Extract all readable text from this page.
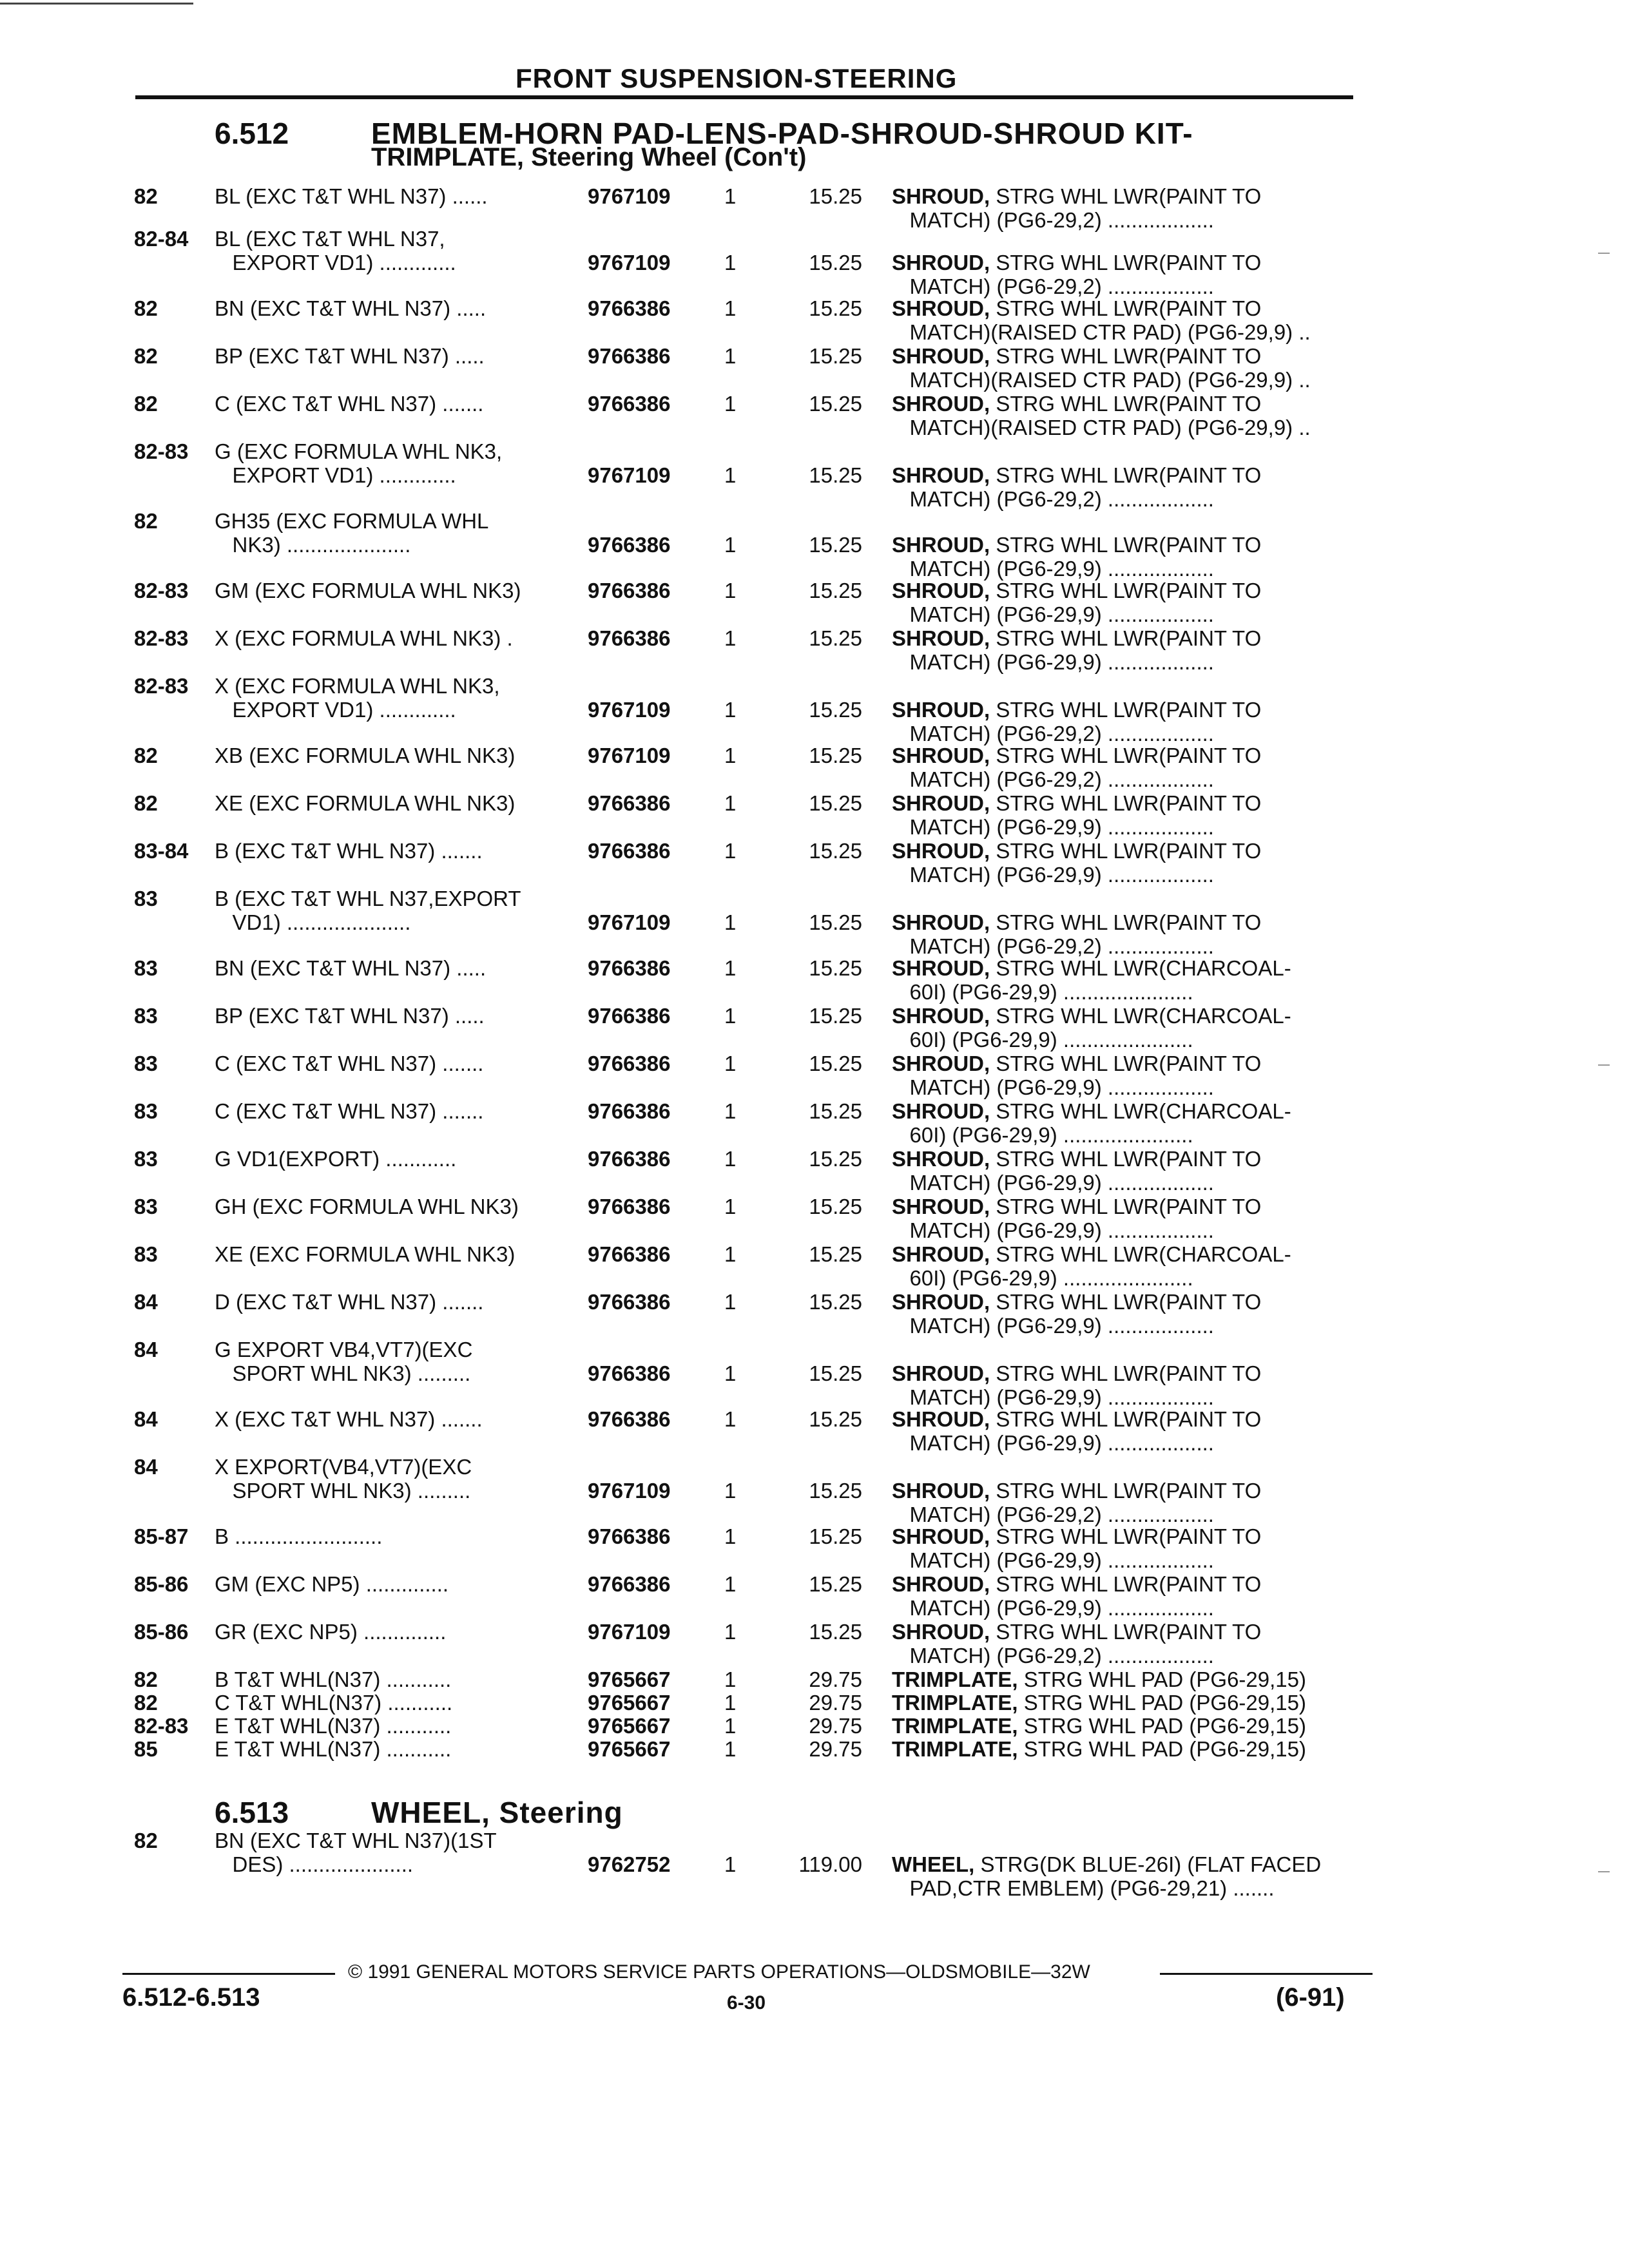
FRONT SUSPENSION-STEERING
6.512	EMBLEM-HORN PAD-LENS-PAD-SHROUD-SHROUD KIT-
TRIMPLATE, Steering Wheel (Con't)
82	BL (EXC T&T WHL N37) ......	9767109	1	15.25 SHROUD, STRG WHL LWR(PAINT TO
MATCH) (PG6-29,2) ..................
82-84 BL (EXC T&T WHL N37,
EXPORT VD1) .............	9767109	1	15.25 SHROUD, STRG WHL LWR(PAINT TO
MATCH) (PG6-29,2) ..................
82	BN (EXC T&T WHL N37) .....	9766386	1	15.25 SHROUD, STRG WHL LWR(PAINT TO
MATCH)(RAISED CTR PAD) (PG6-29,9) ..
82	BP (EXC T&T WHL N37) .....	9766386	1	15.25 SHROUD, STRG WHL LWR(PAINT TO
MATCH)(RAISED CTR PAD) (PG6-29,9) ..
82	C (EXC T&T WHL N37) .......	9766386	1	15.25 SHROUD, STRG WHL LWR(PAINT TO
MATCH)(RAISED CTR PAD) (PG6-29,9) ..
82-83 G (EXC FORMULA WHL NK3,
EXPORT VD1) .............	9767109	1	15.25 SHROUD, STRG WHL LWR(PAINT TO
MATCH) (PG6-29,2) ..................
82	GH35 (EXC FORMULA WHL
NK3) .....................	9766386	1	15.25 SHROUD, STRG WHL LWR(PAINT TO
MATCH) (PG6-29,9) ..................
82-83 GM (EXC FORMULA WHL NK3)	9766386	1	15.25 SHROUD, STRG WHL LWR(PAINT TO
MATCH) (PG6-29,9) ..................
82-83 X (EXC FORMULA WHL NK3) .	9766386	1	15.25 SHROUD, STRG WHL LWR(PAINT TO
MATCH) (PG6-29,9) ..................
82-83 X (EXC FORMULA WHL NK3,
EXPORT VD1) .............	9767109	1	15.25 SHROUD, STRG WHL LWR(PAINT TO
MATCH) (PG6-29,2) ..................
82	XB (EXC FORMULA WHL NK3)	9767109	1	15.25 SHROUD, STRG WHL LWR(PAINT TO
MATCH) (PG6-29,2) ..................
82	XE (EXC FORMULA WHL NK3)	9766386	1	15.25 SHROUD, STRG WHL LWR(PAINT TO
MATCH) (PG6-29,9) ..................
83-84 B (EXC T&T WHL N37) .......	9766386	1	15.25 SHROUD, STRG WHL LWR(PAINT TO
MATCH) (PG6-29,9) ..................
83	B (EXC T&T WHL N37,EXPORT
VD1) .....................	9767109	1	15.25 SHROUD, STRG WHL LWR(PAINT TO
MATCH) (PG6-29,2) ..................
83	BN (EXC T&T WHL N37) .....	9766386	1	15.25 SHROUD, STRG WHL LWR(CHARCOAL-
60I) (PG6-29,9) ......................
83	BP (EXC T&T WHL N37) .....	9766386	1	15.25 SHROUD, STRG WHL LWR(CHARCOAL-
60I) (PG6-29,9) ......................
83	C (EXC T&T WHL N37) .......	9766386	1	15.25 SHROUD, STRG WHL LWR(PAINT TO
MATCH) (PG6-29,9) ..................
83	C (EXC T&T WHL N37) .......	9766386	1	15.25 SHROUD, STRG WHL LWR(CHARCOAL-
60I) (PG6-29,9) ......................
83	G VD1(EXPORT) ............	9766386	1	15.25 SHROUD, STRG WHL LWR(PAINT TO
MATCH) (PG6-29,9) ..................
83	GH (EXC FORMULA WHL NK3)	9766386	1	15.25 SHROUD, STRG WHL LWR(PAINT TO
MATCH) (PG6-29,9) ..................
83	XE (EXC FORMULA WHL NK3)	9766386	1	15.25 SHROUD, STRG WHL LWR(CHARCOAL-
60I) (PG6-29,9) ......................
84	D (EXC T&T WHL N37) .......	9766386	1	15.25 SHROUD, STRG WHL LWR(PAINT TO
MATCH) (PG6-29,9) ..................
84	G EXPORT VB4,VT7)(EXC
SPORT WHL NK3) .........	9766386	1	15.25 SHROUD, STRG WHL LWR(PAINT TO
MATCH) (PG6-29,9) ..................
84	X (EXC T&T WHL N37) .......	9766386	1	15.25 SHROUD, STRG WHL LWR(PAINT TO
MATCH) (PG6-29,9) ..................
84	X EXPORT(VB4,VT7)(EXC
SPORT WHL NK3) .........	9767109	1	15.25 SHROUD, STRG WHL LWR(PAINT TO
MATCH) (PG6-29,2) ..................
85-87 B .........................	9766386	1	15.25 SHROUD, STRG WHL LWR(PAINT TO
MATCH) (PG6-29,9) ..................
85-86 GM (EXC NP5) ..............	9766386	1	15.25 SHROUD, STRG WHL LWR(PAINT TO
MATCH) (PG6-29,9) ..................
85-86 GR (EXC NP5) ..............	9767109	1	15.25 SHROUD, STRG WHL LWR(PAINT TO
MATCH) (PG6-29,2) ..................
82	B T&T WHL(N37) ...........	9765667	1	29.75 TRIMPLATE, STRG WHL PAD (PG6-29,15)
82	C T&T WHL(N37) ...........	9765667	1	29.75 TRIMPLATE, STRG WHL PAD (PG6-29,15)
82-83 E T&T WHL(N37) ...........	9765667	1	29.75 TRIMPLATE, STRG WHL PAD (PG6-29,15)
85	E T&T WHL(N37) ...........	9765667	1	29.75 TRIMPLATE, STRG WHL PAD (PG6-29,15)
82	BN (EXC T&T WHL N37)(1ST
DES) .....................	9762752	1	119.00 WHEEL, STRG(DK BLUE-26I) (FLAT FACED
PAD,CTR EMBLEM) (PG6-29,21) .......
6.513	WHEEL, Steering
© 1991 GENERAL MOTORS SERVICE PARTS OPERATIONS—OLDSMOBILE—32W
6.512-6.513	6-30	(6-91)
